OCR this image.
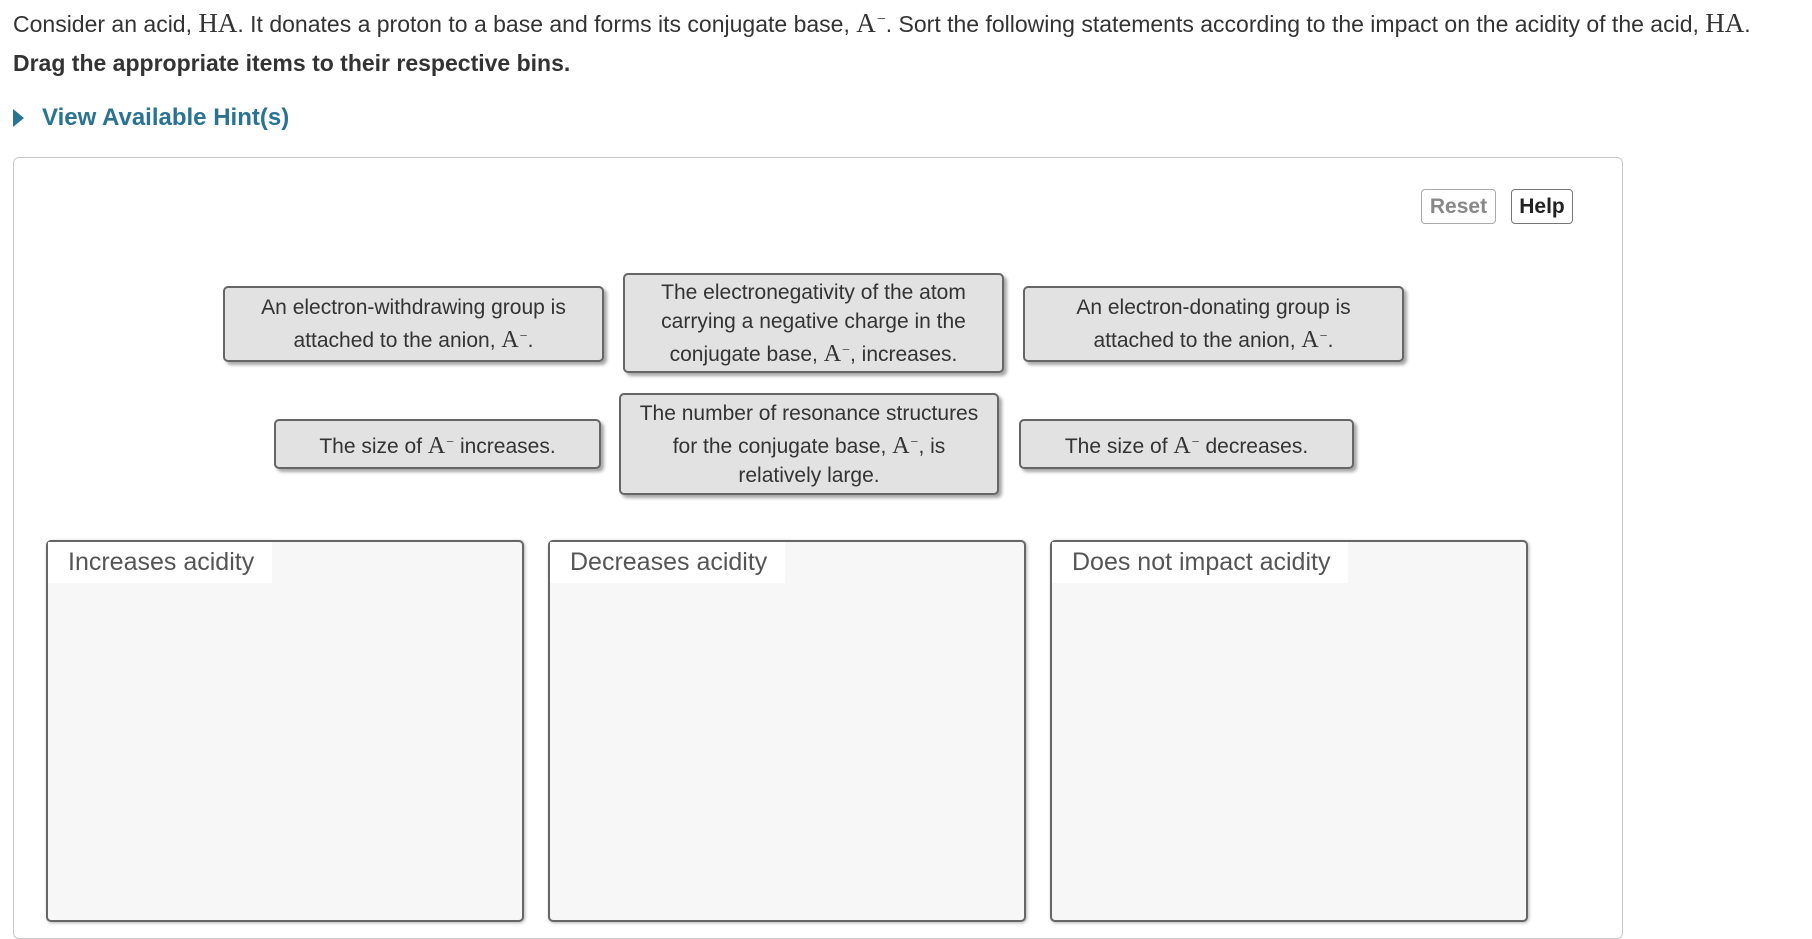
Consider an acid, HA. It donates a proton to a base and forms its conjugate base, A−. Sort the following statements according to the impact on the acidity of the acid, HA.
Drag the appropriate items to their respective bins.
View Available Hint(s)
Reset	Help
An electron-withdrawing group is attached to the anion, A−.
The electronegativity of the atom carrying a negative charge in the conjugate base, A−, increases.
An electron-donating group is attached to the anion, A−.
The size of A− increases.
The number of resonance structures for the conjugate base, A−, is relatively large.
The size of A− decreases.
Increases acidity	Decreases acidity	Does not impact acidity
